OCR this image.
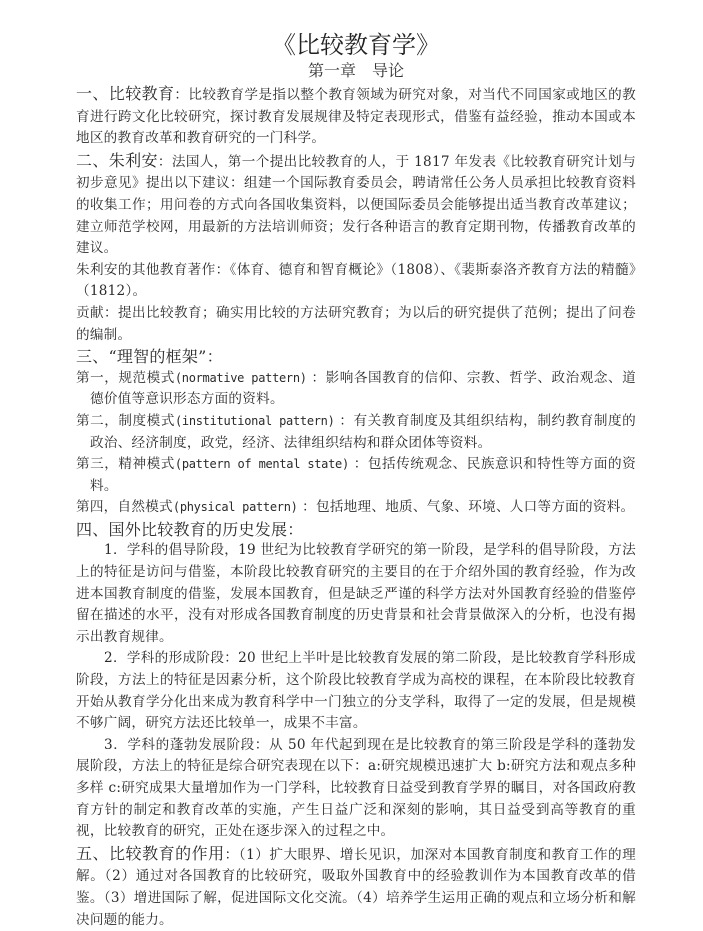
《比较教育学》
第一章　导论

一、比较教育：比较教育学是指以整个教育领域为研究对象，对当代不同国家或地区的教育进行跨文化比较研究，探讨教育发展规律及特定表现形式，借鉴有益经验，推动本国或本地区的教育改革和教育研究的一门科学。

二、朱利安：法国人，第一个提出比较教育的人，于 1817 年发表《比较教育研究计划与初步意见》提出以下建议：组建一个国际教育委员会，聘请常任公务人员承担比较教育资料的收集工作；用问卷的方式向各国收集资料，以便国际委员会能够提出适当教育改革建议；建立师范学校网，用最新的方法培训师资；发行各种语言的教育定期刊物，传播教育改革的建议。

朱利安的其他教育著作：《体育、德育和智育概论》（1808）、《裴斯泰洛齐教育方法的精髓》（1812）。

贡献：提出比较教育；确实用比较的方法研究教育；为以后的研究提供了范例；提出了问卷的编制。

三、“理智的框架”：

第一，规范模式(normative pattern) ：影响各国教育的信仰、宗教、哲学、政治观念、道德价值等意识形态方面的资料。

第二，制度模式(institutional pattern) ：有关教育制度及其组织结构，制约教育制度的政治、经济制度，政党，经济、法律组织结构和群众团体等资料。

第三，精神模式(pattern of mental state) ：包括传统观念、民族意识和特性等方面的资料。

第四，自然模式(physical pattern) ：包括地理、地质、气象、环境、人口等方面的资料。

四、国外比较教育的历史发展：

1．学科的倡导阶段，19 世纪为比较教育学研究的第一阶段，是学科的倡导阶段，方法上的特征是访问与借鉴，本阶段比较教育研究的主要目的在于介绍外国的教育经验，作为改进本国教育制度的借鉴，发展本国教育，但是缺乏严谨的科学方法对外国教育经验的借鉴停留在描述的水平，没有对形成各国教育制度的历史背景和社会背景做深入的分析，也没有揭示出教育规律。

2．学科的形成阶段：20 世纪上半叶是比较教育发展的第二阶段，是比较教育学科形成阶段，方法上的特征是因素分析，这个阶段比较教育学成为高校的课程，在本阶段比较教育开始从教育学分化出来成为教育科学中一门独立的分支学科，取得了一定的发展，但是规模不够广阔，研究方法还比较单一，成果不丰富。

3．学科的蓬勃发展阶段：从 50 年代起到现在是比较教育的第三阶段是学科的蓬勃发展阶段，方法上的特征是综合研究表现在以下：a:研究规模迅速扩大 b:研究方法和观点多种多样 c:研究成果大量增加作为一门学科，比较教育日益受到教育学界的瞩目，对各国政府教育方针的制定和教育改革的实施，产生日益广泛和深刻的影响，其日益受到高等教育的重视，比较教育的研究，正处在逐步深入的过程之中。

五、比较教育的作用：（1）扩大眼界、增长见识，加深对本国教育制度和教育工作的理解。（2）通过对各国教育的比较研究，吸取外国教育中的经验教训作为本国教育改革的借鉴。（3）增进国际了解，促进国际文化交流。（4）培养学生运用正确的观点和立场分析和解决问题的能力。
